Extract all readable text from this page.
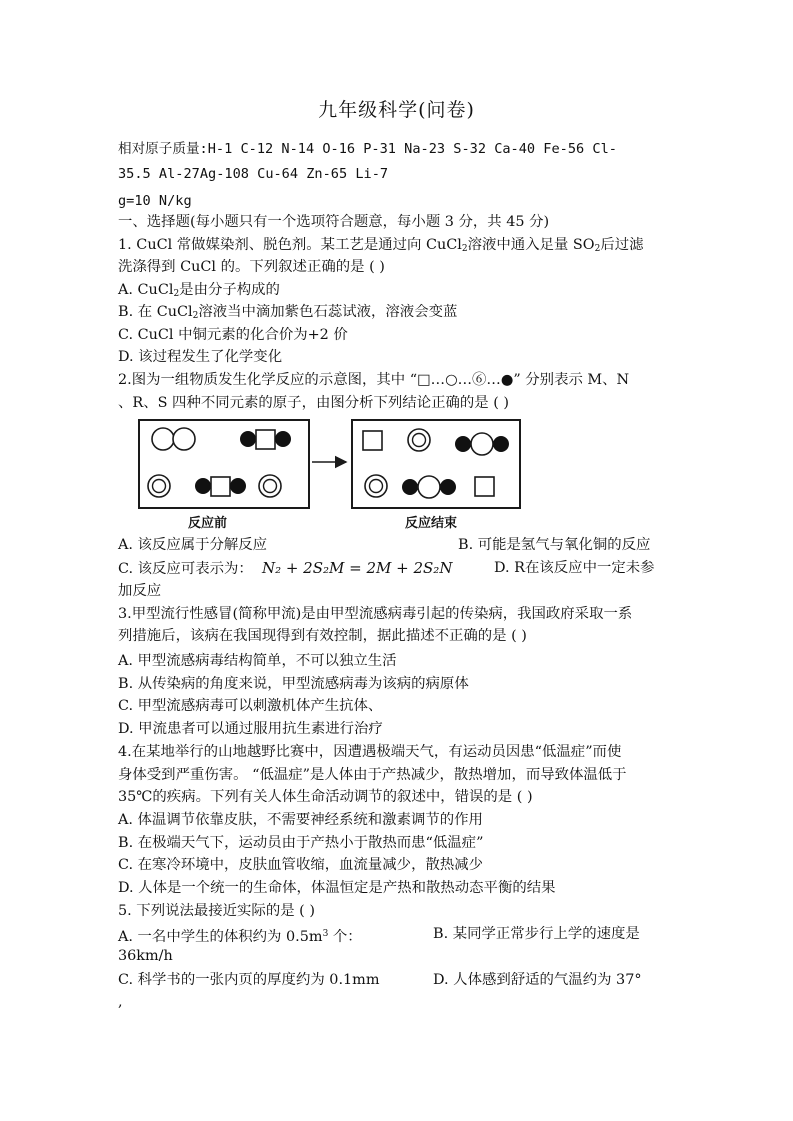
九年级科学(问卷)
相对原子质量:H-1 C-12 N-14 O-16 P-31 Na-23 S-32 Ca-40 Fe-56 Cl-
35.5 Al-27Ag-108 Cu-64 Zn-65 Li-7
g=10 N/kg
一、选择题(每小题只有一个选项符合题意，每小题 3 分，共 45 分)
1. CuCl 常做媒染剂、脱色剂。某工艺是通过向 CuCl$_2$溶液中通入足量 $SO_2$后过滤
洗涤得到 CuCl 的。下列叙述正确的是 ( )
A. CuCl$_2$是由分子构成的
B. 在 CuCl$_2$溶液当中滴加紫色石蕊试液，溶液会变蓝
C. CuCl 中铜元素的化合价为+2 价
D. 该过程发生了化学变化
2.图为一组物质发生化学反应的示意图，其中 “□…○…⑥…●” 分别表示 M、N
、R、S 四种不同元素的原子，由图分析下列结论正确的是 ( )
反应前	反应结束
A. 该反应属于分解反应	B. 可能是氢气与氧化铜的反应
C. 该反应可表示为： N₂ + 2S₂M = 2M + 2S₂N	D. R在该反应中一定未参
加反应
3.甲型流行性感冒(简称甲流)是由甲型流感病毒引起的传染病，我国政府采取一系
列措施后，该病在我国现得到有效控制，据此描述不正确的是 ( )
A. 甲型流感病毒结构简单，不可以独立生活
B. 从传染病的角度来说，甲型流感病毒为该病的病原体
C. 甲型流感病毒可以刺激机体产生抗体、
D. 甲流患者可以通过服用抗生素进行治疗
4.在某地举行的山地越野比赛中，因遭遇极端天气，有运动员因患“低温症”而使
身体受到严重伤害。 “低温症”是人体由于产热减少，散热增加，而导致体温低于
35℃的疾病。下列有关人体生命活动调节的叙述中，错误的是 ( )
A. 体温调节依靠皮肤，不需要神经系统和激素调节的作用
B. 在极端天气下，运动员由于产热小于散热而患“低温症”
C. 在寒冷环境中，皮肤血管收缩，血流量减少，散热减少
D. 人体是一个统一的生命体，体温恒定是产热和散热动态平衡的结果
5. 下列说法最接近实际的是 ( )
A. 一名中学生的体积约为 $0.5m^3$ 个：	B. 某同学正常步行上学的速度是
36km/h
C. 科学书的一张内页的厚度约为 0.1mm	D. 人体感到舒适的气温约为 37°
,
